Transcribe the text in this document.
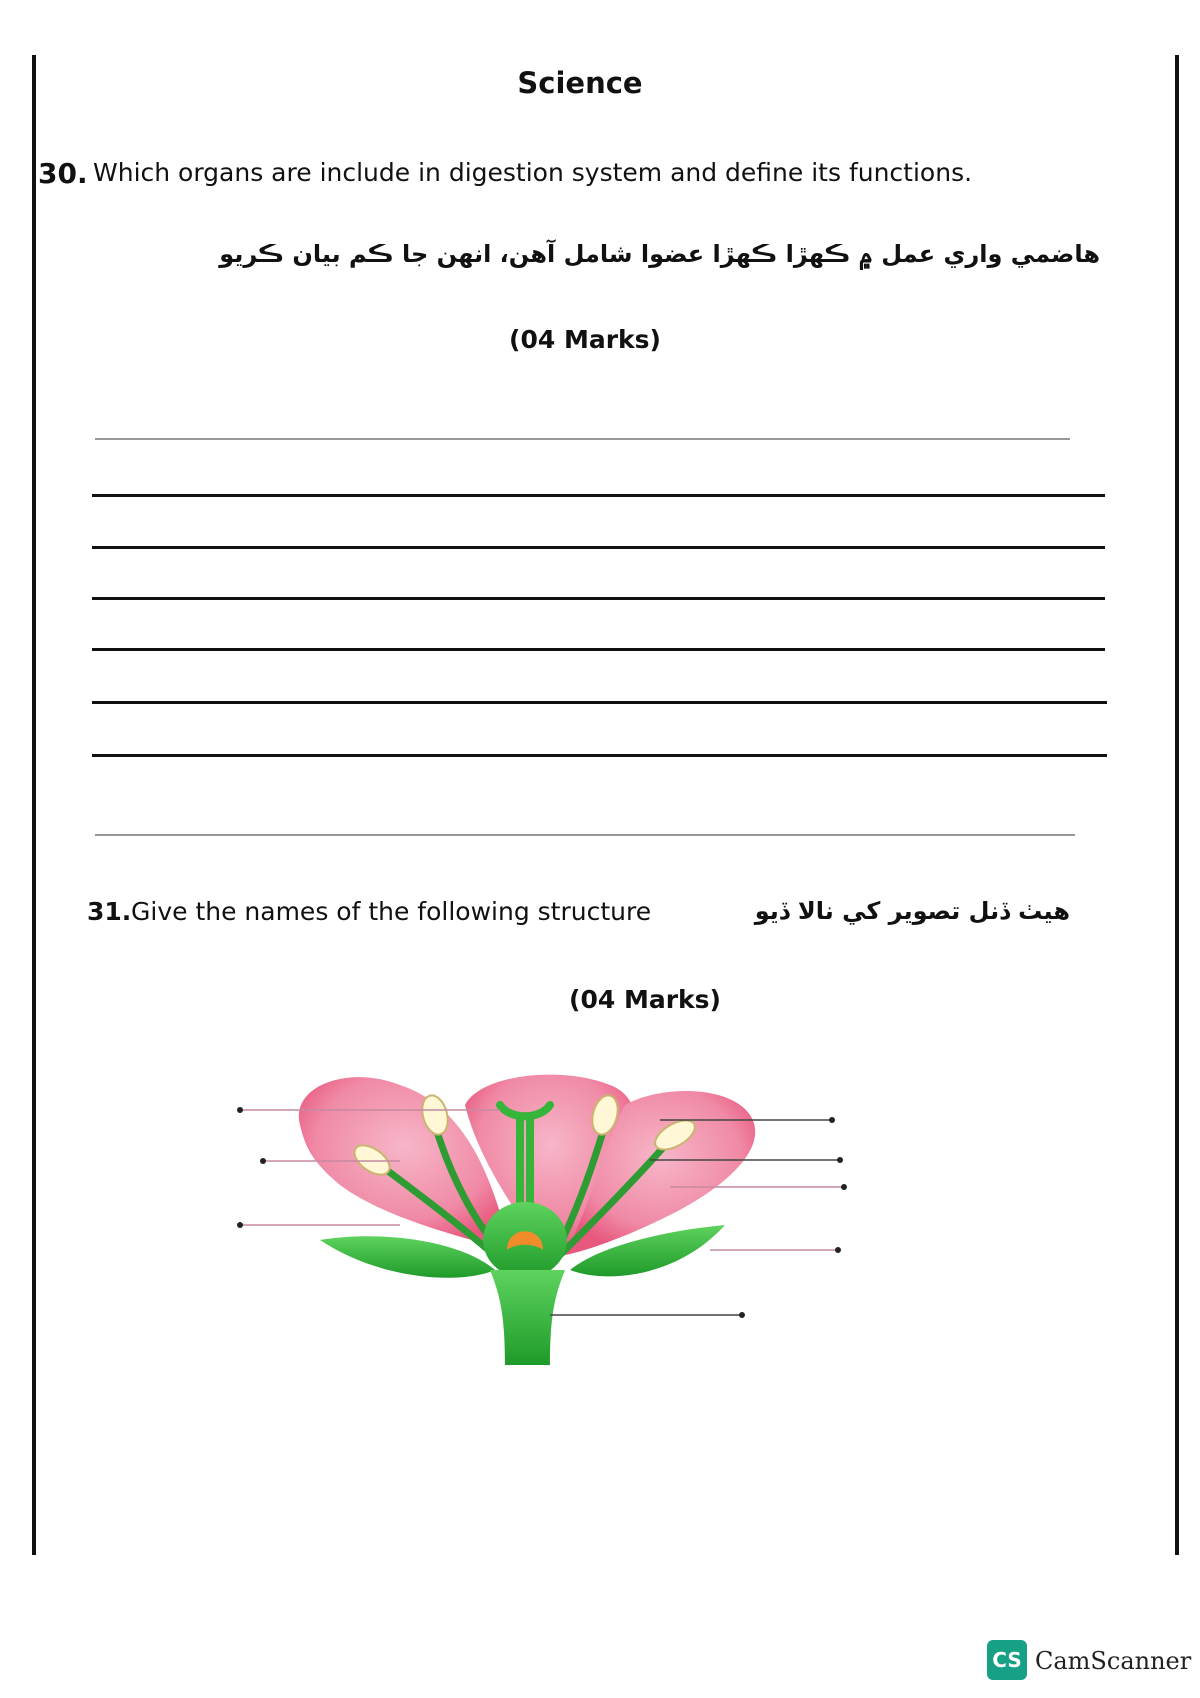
Science
30. Which organs are include in digestion system and define its functions.
هاضمي واري عمل ۾ ڪهڙا ڪهڙا عضوا شامل آهن، انهن جا ڪم بيان ڪريو
(04 Marks)
31. Give the names of the following structure	هيٺ ڏنل تصوير کي نالا ڏيو
(04 Marks)
CS CamScanner
